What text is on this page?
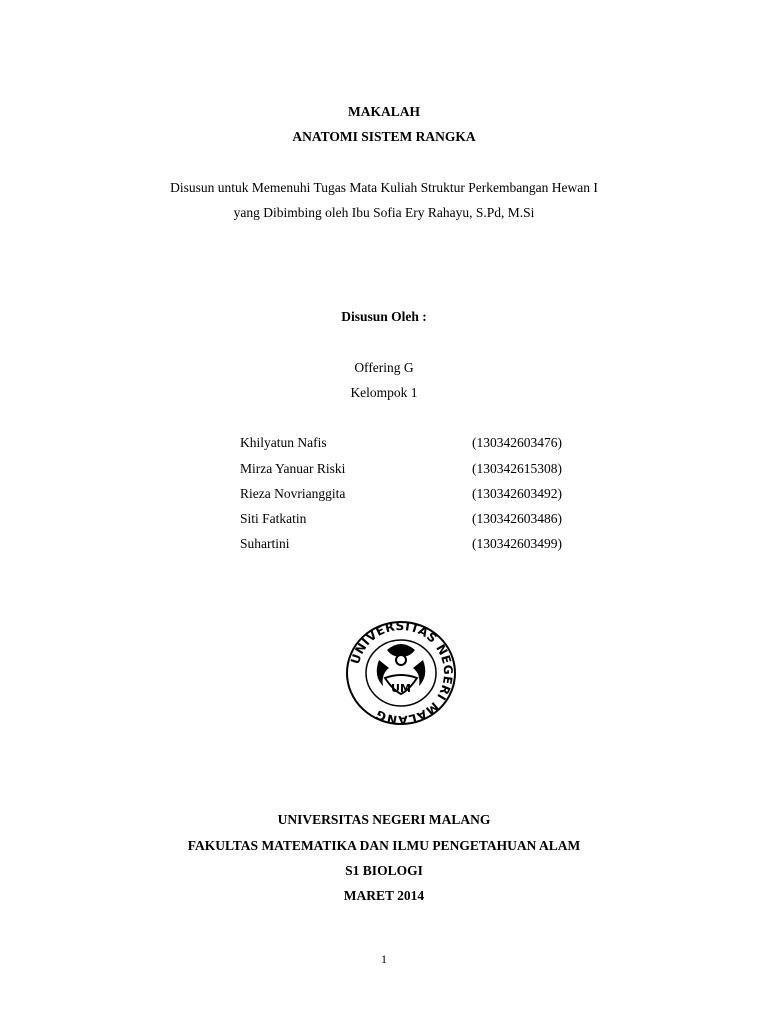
MAKALAH
ANATOMI SISTEM RANGKA
Disusun untuk Memenuhi Tugas Mata Kuliah Struktur Perkembangan Hewan I
yang Dibimbing oleh Ibu Sofia Ery Rahayu, S.Pd, M.Si
Disusun Oleh :
Offering G
Kelompok 1
Khilyatun Nafis	(130342603476)
Mirza Yanuar Riski	(130342615308)
Rieza Novrianggita	(130342603492)
Siti Fatkatin	(130342603486)
Suhartini	(130342603499)
UNIVERSITAS NEGERI MALANG
UM
UNIVERSITAS NEGERI MALANG
FAKULTAS MATEMATIKA DAN ILMU PENGETAHUAN ALAM
S1 BIOLOGI
MARET 2014
1
